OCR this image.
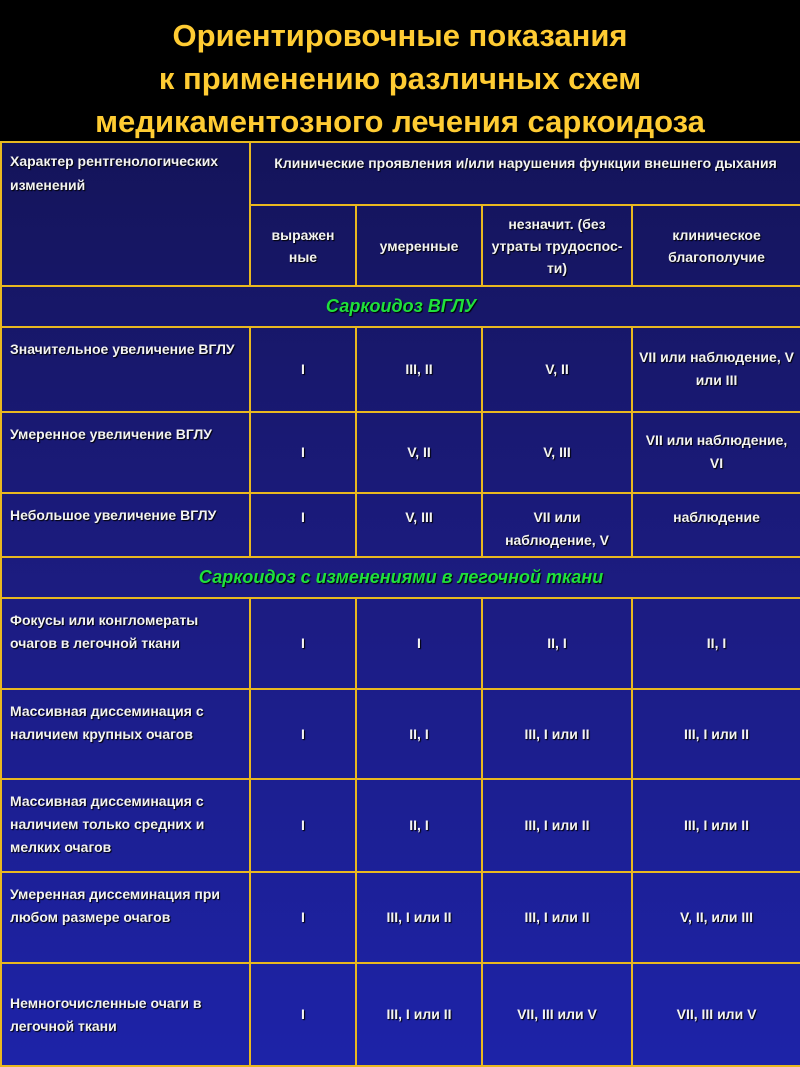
Ориентировочные показания
к применению различных схем
медикаментозного лечения саркоидоза
Характер рентгенологических изменений	Клинические проявления и/или нарушения функции внешнего дыхания			
	выражен ные	умеренные	незначит. (без утраты трудоспос-ти)	клиническое благополучие
Саркоидоз ВГЛУ				
Значительное увеличение ВГЛУ	I	III, II	V, II	VII или наблюдение, V или III
Умеренное увеличение ВГЛУ	I	V, II	V, III	VII или наблюдение, VI
Небольшое увеличение ВГЛУ	I	V, III	VII или наблюдение, V	наблюдение
Саркоидоз с изменениями в легочной ткани				
Фокусы или конгломераты очагов в легочной ткани	I	I	II, I	II, I
Массивная диссеминация с наличием крупных очагов	I	II, I	III, I или II	III, I или II
Массивная диссеминация с наличием только средних и мелких очагов	I	II, I	III, I или II	III, I или II
Умеренная диссеминация при любом размере очагов	I	III, I или II	III, I или II	V, II, или III
Немногочисленные очаги в легочной ткани	I	III, I или II	VII, III или V	VII, III или V
